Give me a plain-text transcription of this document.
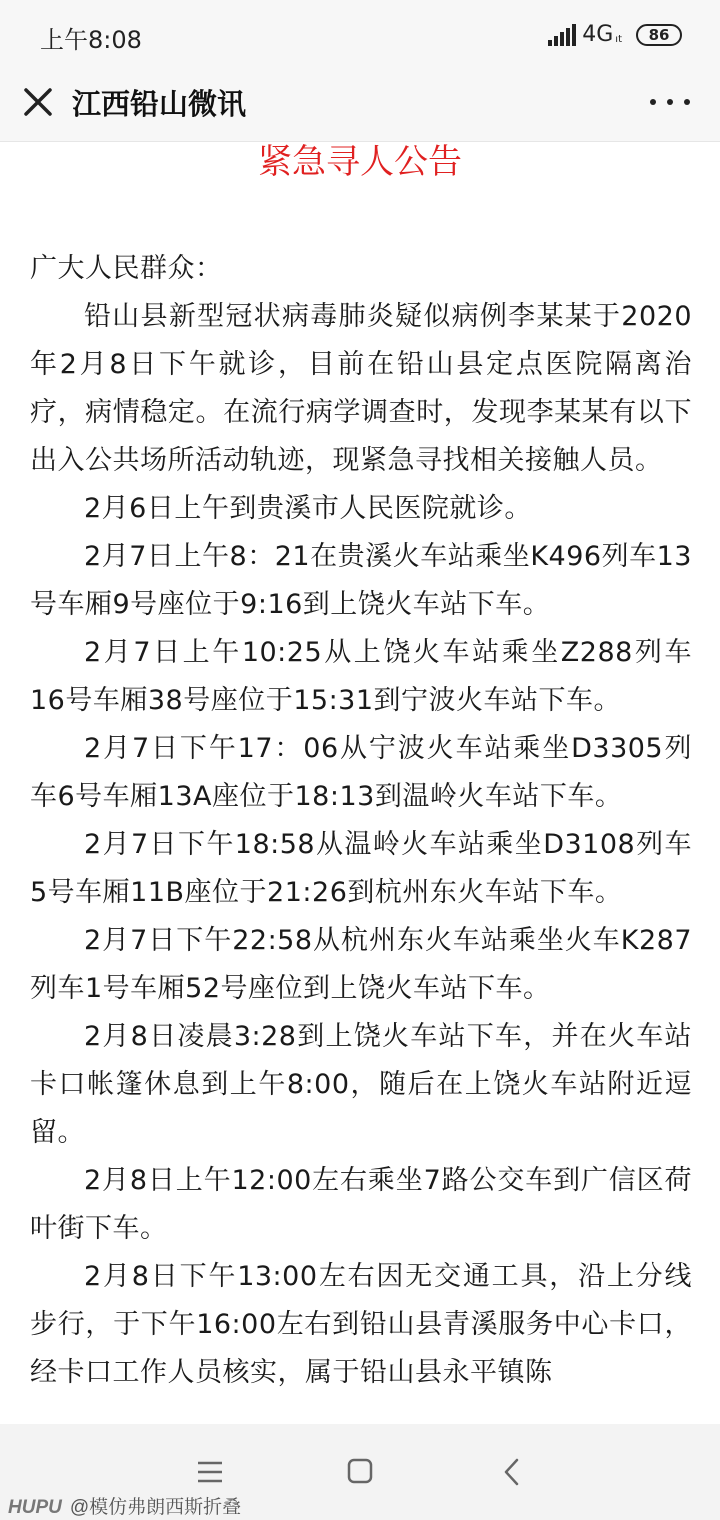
上午8:08	4G ıt	86
江西铅山微讯
紧急寻人公告

广大人民群众：

铅山县新型冠状病毒肺炎疑似病例李某某于2020年2月8日下午就诊，目前在铅山县定点医院隔离治疗，病情稳定。在流行病学调查时，发现李某某有以下出入公共场所活动轨迹，现紧急寻找相关接触人员。

2月6日上午到贵溪市人民医院就诊。

2月7日上午8：21在贵溪火车站乘坐K496列车13号车厢9号座位于9:16到上饶火车站下车。

2月7日上午10:25从上饶火车站乘坐Z288列车16号车厢38号座位于15:31到宁波火车站下车。

2月7日下午17：06从宁波火车站乘坐D3305列车6号车厢13A座位于18:13到温岭火车站下车。

2月7日下午18:58从温岭火车站乘坐D3108列车5号车厢11B座位于21:26到杭州东火车站下车。

2月7日下午22:58从杭州东火车站乘坐火车K287列车1号车厢52号座位到上饶火车站下车。

2月8日凌晨3:28到上饶火车站下车，并在火车站卡口帐篷休息到上午8:00，随后在上饶火车站附近逗留。

2月8日上午12:00左右乘坐7路公交车到广信区荷叶街下车。

2月8日下午13:00左右因无交通工具，沿上分线步行，于下午16:00左右到铅山县青溪服务中心卡口，经卡口工作人员核实，属于铅山县永平镇陈

HUPU @模仿弗朗西斯折叠
